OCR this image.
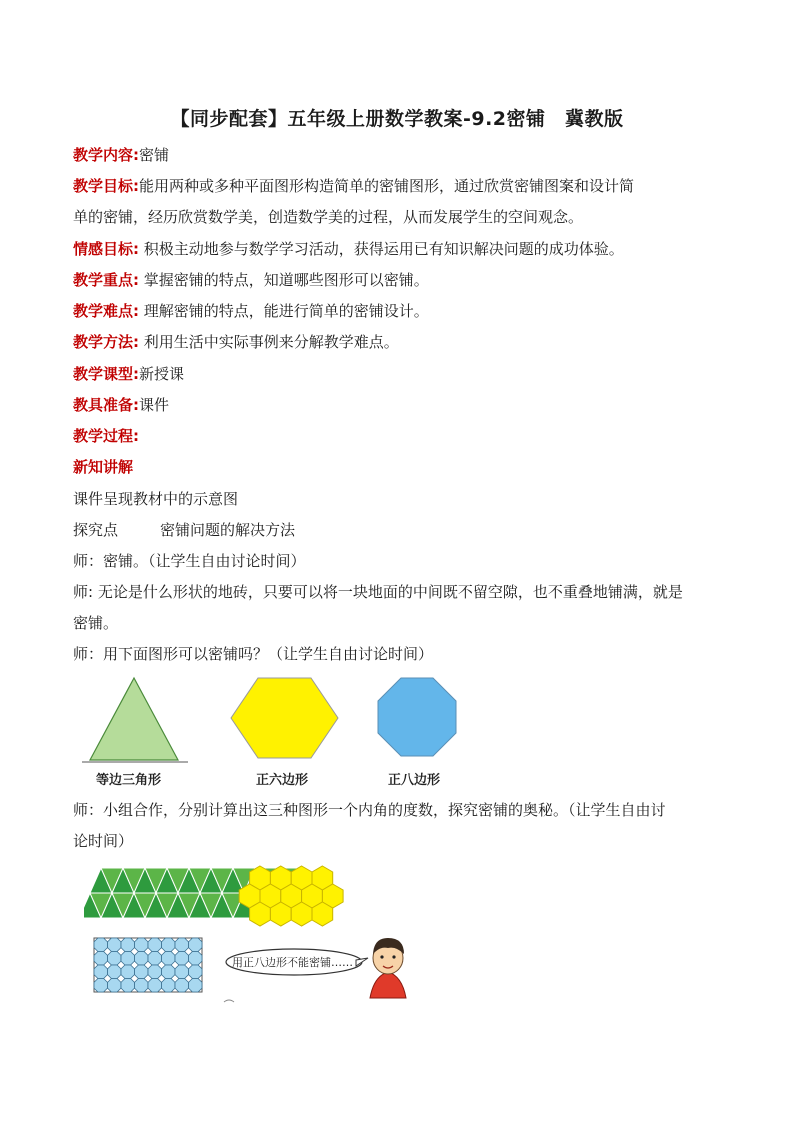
【同步配套】五年级上册数学教案-9.2密铺　冀教版
教学内容:密铺
教学目标:能用两种或多种平面图形构造简单的密铺图形，通过欣赏密铺图案和设计简
单的密铺，经历欣赏数学美，创造数学美的过程，从而发展学生的空间观念。
情感目标: 积极主动地参与数学学习活动，获得运用已有知识解决问题的成功体验。
教学重点: 掌握密铺的特点，知道哪些图形可以密铺。
教学难点: 理解密铺的特点，能进行简单的密铺设计。
教学方法: 利用生活中实际事例来分解教学难点。
教学课型:新授课
教具准备:课件
教学过程:
新知讲解
课件呈现教材中的示意图
探究点	密铺问题的解决方法
师：密铺。（让学生自由讨论时间）
师: 无论是什么形状的地砖，只要可以将一块地面的中间既不留空隙，也不重叠地铺满，就是
密铺。
师：用下面图形可以密铺吗？（让学生自由讨论时间）
等边三角形	正六边形	正八边形
师：小组合作，分别计算出这三种图形一个内角的度数，探究密铺的奥秘。（让学生自由讨
论时间）
用正八边形不能密铺……
